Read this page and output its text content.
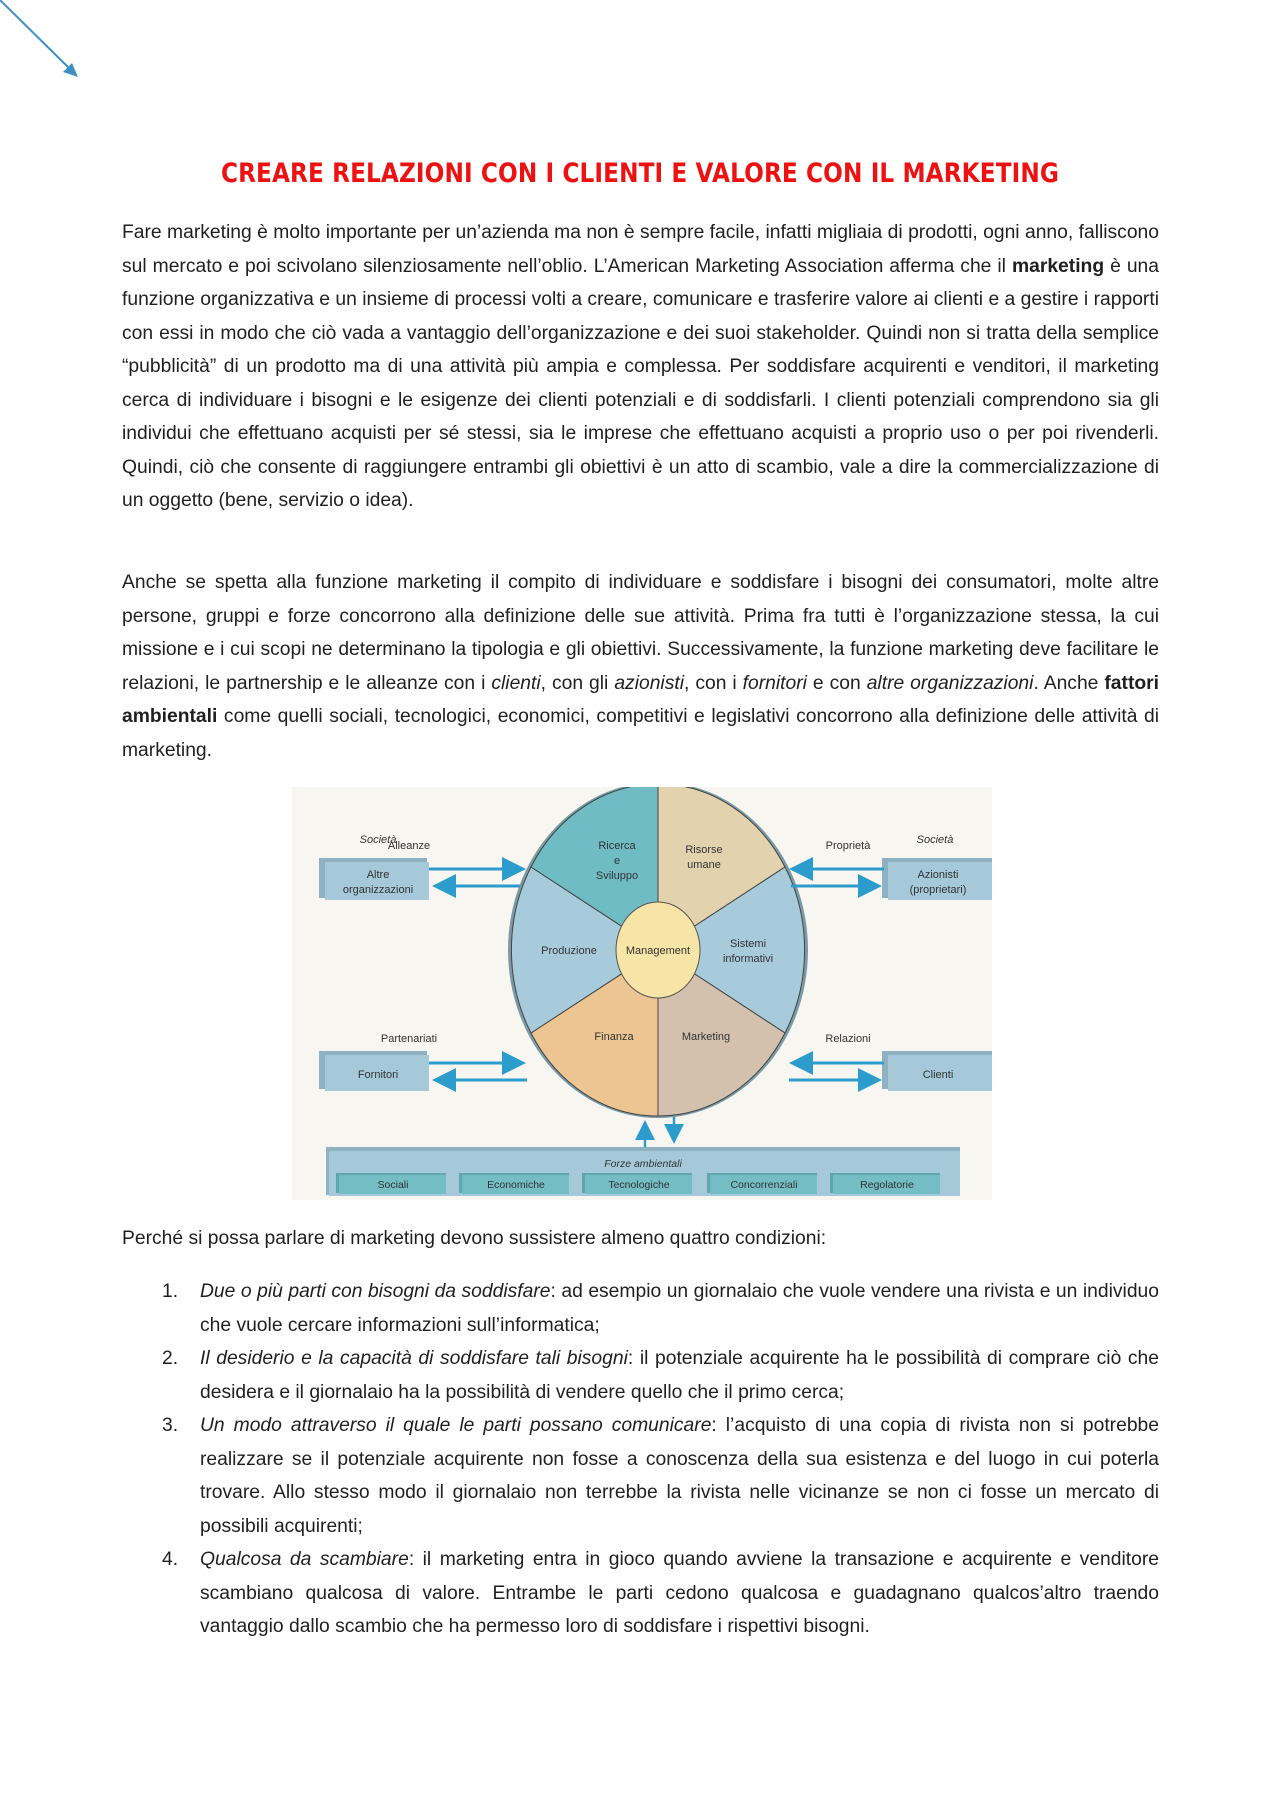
CREARE RELAZIONI CON I CLIENTI E VALORE CON IL MARKETING

Fare marketing è molto importante per un’azienda ma non è sempre facile, infatti migliaia di prodotti, ogni anno, falliscono sul mercato e poi scivolano silenziosamente nell’oblio. L’American Marketing Association afferma che il marketing è una funzione organizzativa e un insieme di processi volti a creare, comunicare e trasferire valore ai clienti e a gestire i rapporti con essi in modo che ciò vada a vantaggio dell’organizzazione e dei suoi stakeholder. Quindi non si tratta della semplice “pubblicità” di un prodotto ma di una attività più ampia e complessa. Per soddisfare acquirenti e venditori, il marketing cerca di individuare i bisogni e le esigenze dei clienti potenziali e di soddisfarli. I clienti potenziali comprendono sia gli individui che effettuano acquisti per sé stessi, sia le imprese che effettuano acquisti a proprio uso o per poi rivenderli. Quindi, ciò che consente di raggiungere entrambi gli obiettivi è un atto di scambio, vale a dire la commercializzazione di un oggetto (bene, servizio o idea).

Anche se spetta alla funzione marketing il compito di individuare e soddisfare i bisogni dei consumatori, molte altre persone, gruppi e forze concorrono alla definizione delle sue attività. Prima fra tutti è l’organizzazione stessa, la cui missione e i cui scopi ne determinano la tipologia e gli obiettivi. Successivamente, la funzione marketing deve facilitare le relazioni, le partnership e le alleanze con i clienti, con gli azionisti, con i fornitori e con altre organizzazioni. Anche fattori ambientali come quelli sociali, tecnologici, economici, competitivi e legislativi concorrono alla definizione delle attività di marketing.

Società	Società
Management
Ricerca
e
Sviluppo
Risorse
umane
Produzione
Sistemi
informativi
Finanza	Marketing
Altre
organizzazioni
Alleanze
Fornitori
Partenariati
Azionisti
(proprietari)
Proprietà
Clienti
Relazioni
Forze ambientali
Sociali	Economiche	Tecnologiche	Concorrenziali	Regolatorie

Perché si possa parlare di marketing devono sussistere almeno quattro condizioni:

1. Due o più parti con bisogni da soddisfare: ad esempio un giornalaio che vuole vendere una rivista e un individuo che vuole cercare informazioni sull’informatica;
2. Il desiderio e la capacità di soddisfare tali bisogni: il potenziale acquirente ha le possibilità di comprare ciò che desidera e il giornalaio ha la possibilità di vendere quello che il primo cerca;
3. Un modo attraverso il quale le parti possano comunicare: l’acquisto di una copia di rivista non si potrebbe realizzare se il potenziale acquirente non fosse a conoscenza della sua esistenza e del luogo in cui poterla trovare. Allo stesso modo il giornalaio non terrebbe la rivista nelle vicinanze se non ci fosse un mercato di possibili acquirenti;
4. Qualcosa da scambiare: il marketing entra in gioco quando avviene la transazione e acquirente e venditore scambiano qualcosa di valore. Entrambe le parti cedono qualcosa e guadagnano qualcos’altro traendo vantaggio dallo scambio che ha permesso loro di soddisfare i rispettivi bisogni.
